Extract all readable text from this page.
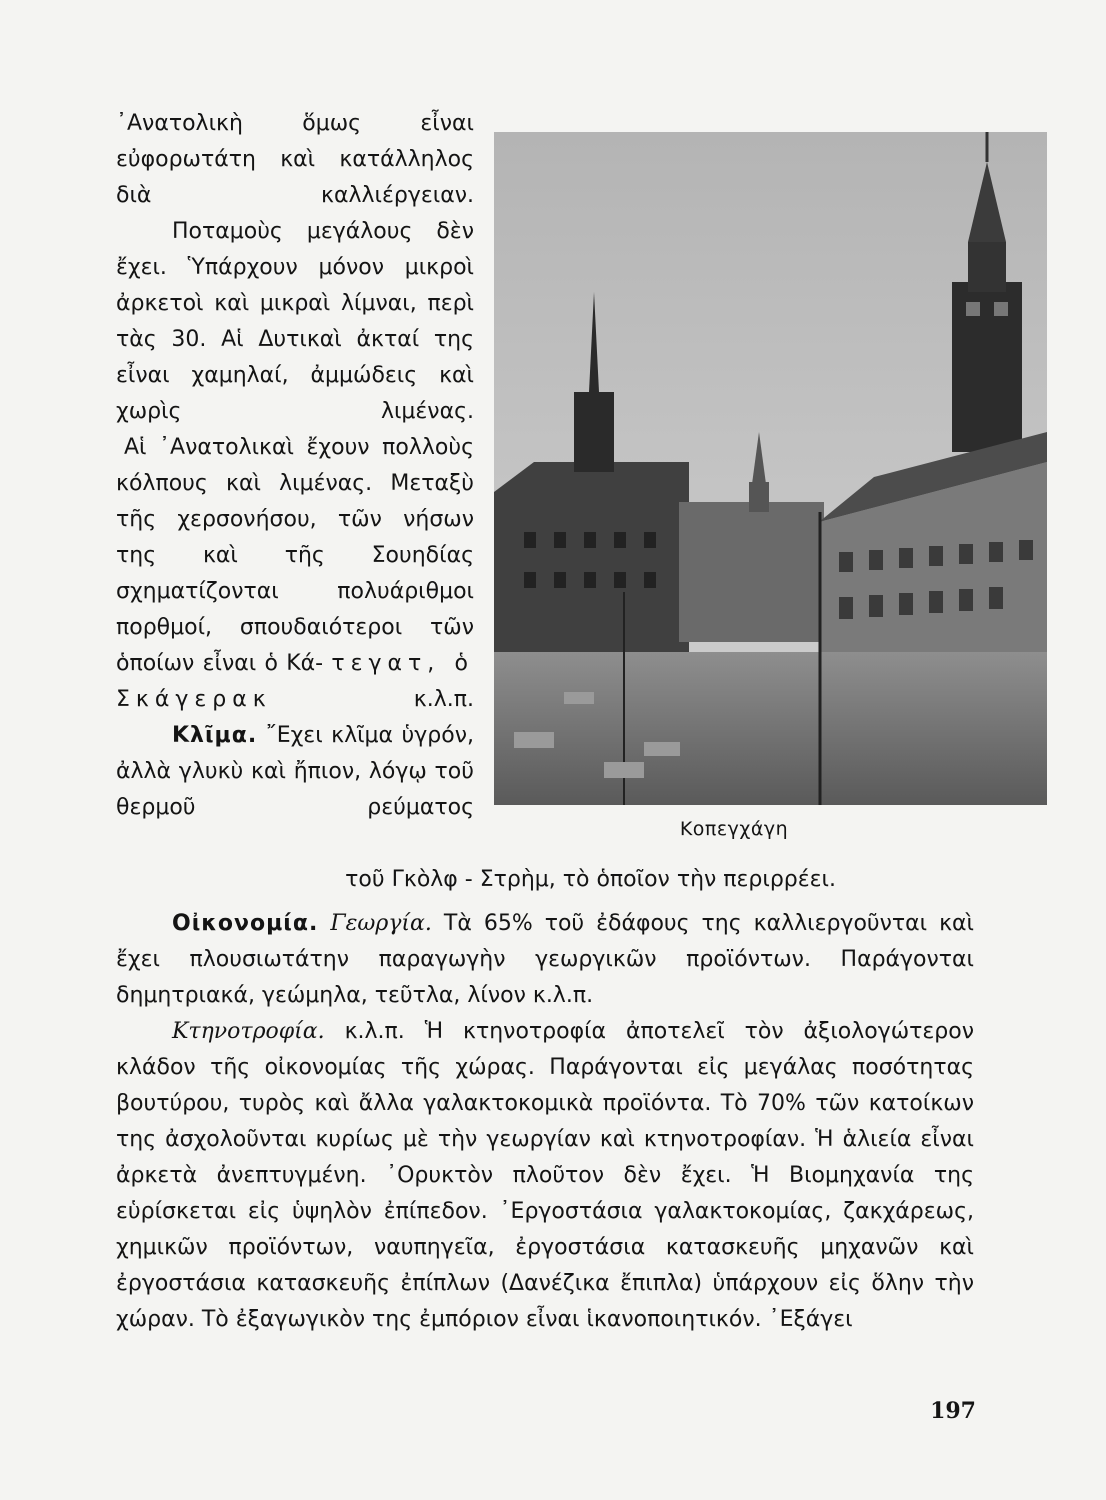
᾿Ανατολικὴ ὅμως εἶναι εὐφορωτάτη καὶ κατάλληλος διὰ καλλιέργειαν.

Ποταμοὺς μεγάλους δὲν ἔχει. Ὑπάρχουν μόνον μικροὶ ἀρκετοὶ καὶ μικραὶ λίμναι, περὶ τὰς 30. Αἱ Δυτικαὶ ἀκταί της εἶναι χαμηλαί, ἀμμώδεις καὶ χωρὶς λιμένας.

Αἱ ᾿Ανατολικαὶ ἔχουν πολλοὺς κόλπους καὶ λιμένας. Μεταξὺ τῆς χερσονήσου, τῶν νήσων της καὶ τῆς Σουηδίας σχηματίζονται πολυάριθμοι πορθμοί, σπουδαιότεροι τῶν ὁποίων εἶναι ὁ Κά- τεγατ, ὁ Σκάγερακ	κ.λ.π.

Κλῖμα. ῎Εχει κλῖμα ὑγρόν, ἀλλὰ γλυκὺ καὶ ἤπιον, λόγῳ τοῦ θερμοῦ ρεύματος

Κοπεγχάγη
τοῦ Γκὸλφ - Στρὴμ, τὸ ὁποῖον τὴν περιρρέει.

Οἰκονομία. Γεωργία. Τὰ 65% τοῦ ἐδάφους της καλλιεργοῦνται καὶ ἔχει πλουσιωτάτην παραγωγὴν γεωργικῶν προϊόντων. Παράγονται δημητριακά, γεώμηλα, τεῦτλα, λίνον κ.λ.π.

Κτηνοτροφία. κ.λ.π. Ἡ κτηνοτροφία ἀποτελεῖ τὸν ἀξιολογώτερον κλάδον τῆς οἰκονομίας τῆς χώρας. Παράγονται εἰς μεγάλας ποσότητας βουτύρου, τυρὸς καὶ ἄλλα γαλακτοκομικὰ προϊόντα. Τὸ 70% τῶν κατοίκων της ἀσχολοῦνται κυρίως μὲ τὴν γεωργίαν καὶ κτηνοτροφίαν. Ἡ ἁλιεία εἶναι ἀρκετὰ ἀνεπτυγμένη. ᾿Ορυκτὸν πλοῦτον δὲν ἔχει. Ἡ Βιομηχανία της εὑρίσκεται εἰς ὑψηλὸν ἐπίπεδον. ᾿Εργοστάσια γαλακτοκομίας, ζακχάρεως, χημικῶν προϊόντων, ναυπηγεῖα, ἐργοστάσια κατασκευῆς μηχανῶν καὶ ἐργοστάσια κατασκευῆς ἐπίπλων (Δανέζικα ἔπιπλα) ὑπάρχουν εἰς ὅλην τὴν χώραν. Τὸ ἐξαγωγικὸν της ἐμπόριον εἶναι ἱκανοποιητικόν. ᾿Εξάγει

197
